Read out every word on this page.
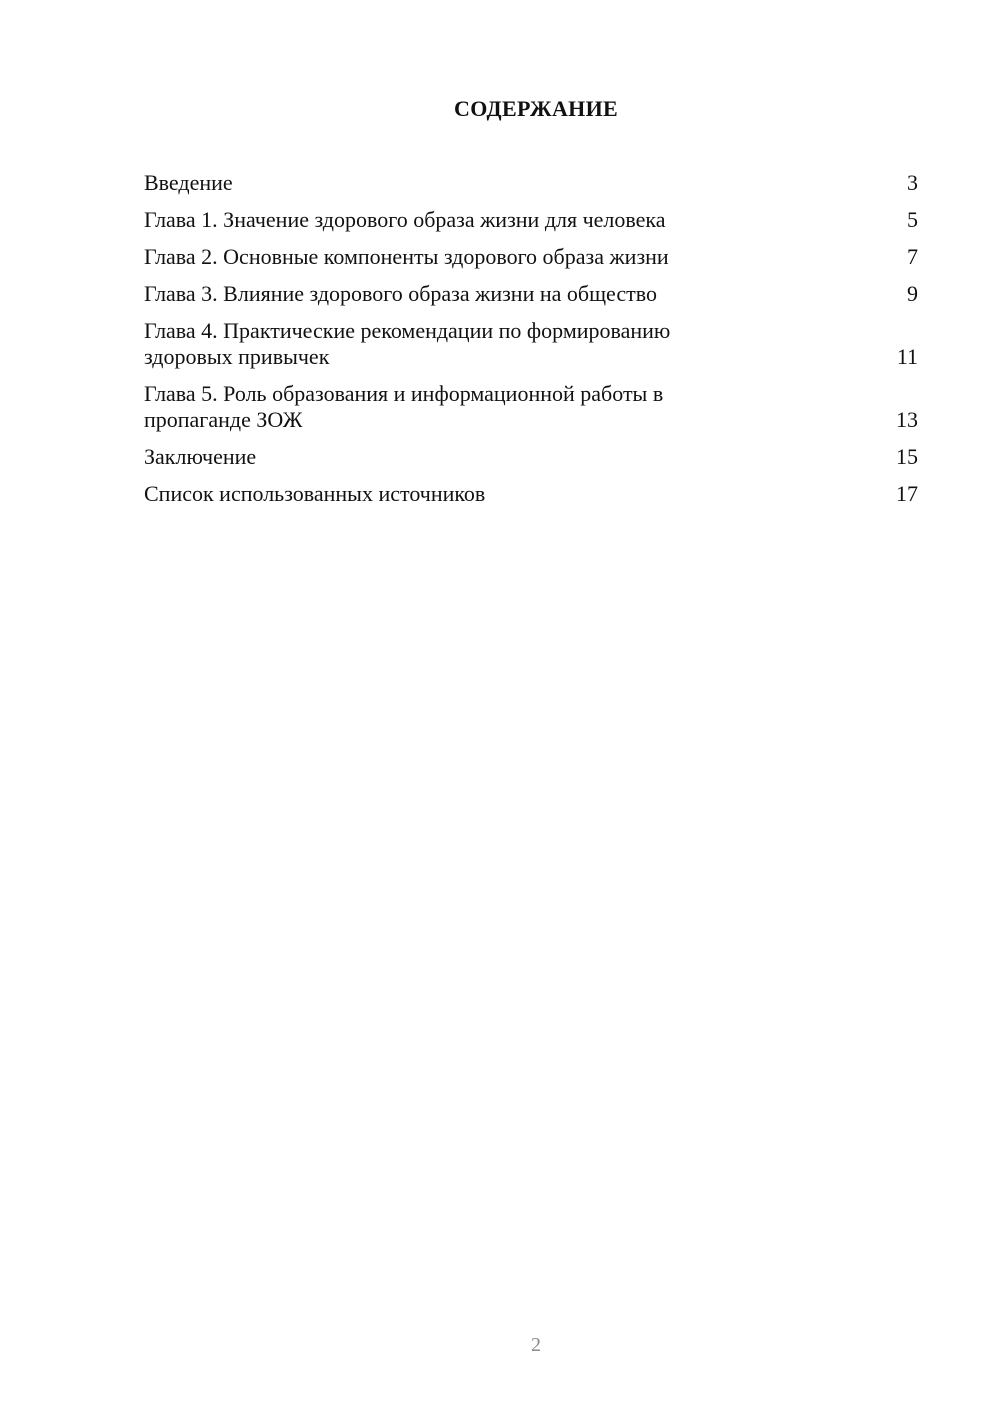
СОДЕРЖАНИЕ
Введение	3
Глава 1. Значение здорового образа жизни для человека	5
Глава 2. Основные компоненты здорового образа жизни	7
Глава 3. Влияние здорового образа жизни на общество	9
Глава 4. Практические рекомендации по формированию здоровых привычек	11
Глава 5. Роль образования и информационной работы в пропаганде ЗОЖ	13
Заключение	15
Список использованных источников	17
2
